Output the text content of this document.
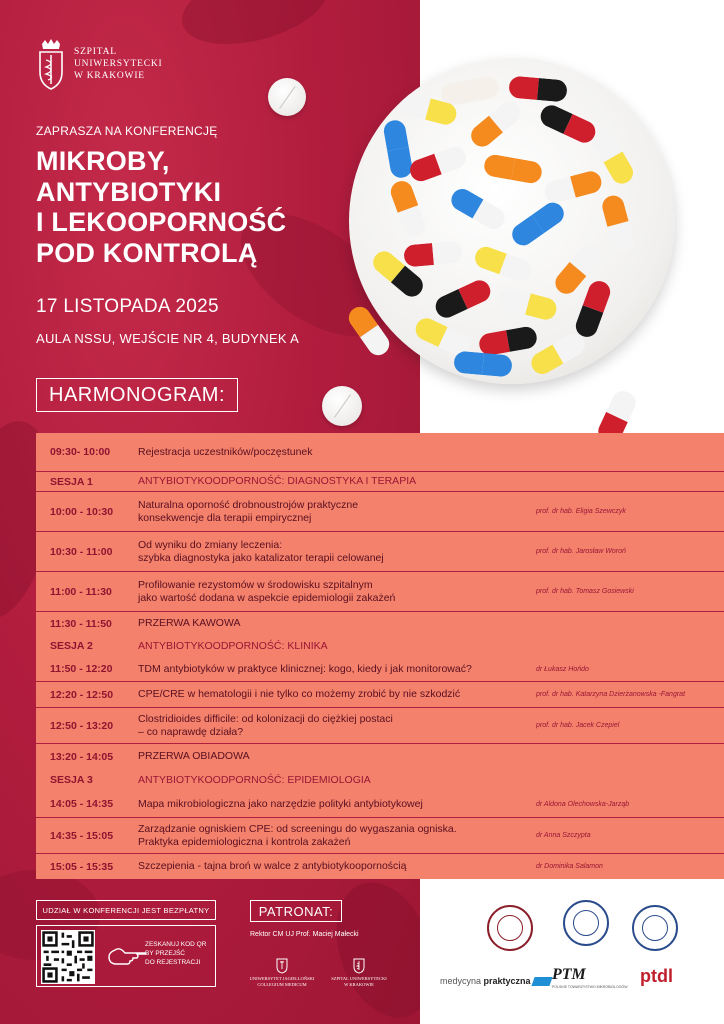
SZPITAL
UNIWERSYTECKI
W KRAKOWIE
ZAPRASZA NA KONFERENCJĘ
MIKROBY,
ANTYBIOTYKI
I LEKOOPORNOŚĆ
POD KONTROLĄ
17 LISTOPADA 2025
AULA NSSU, WEJŚCIE NR 4, BUDYNEK A
HARMONOGRAM:
09:30- 10:00	Rejestracja uczestników/poczęstunek
SESJA 1	ANTYBIOTYKOODPORNOŚĆ: DIAGNOSTYKA I TERAPIA
10:00 - 10:30
Naturalna oporność drobnoustrojów praktyczne
konsekwencje dla terapii empirycznej	prof. dr hab. Eligia Szewczyk
10:30 - 11:00
Od wyniku do zmiany leczenia:
szybka diagnostyka jako katalizator terapii celowanej	prof. dr hab. Jarosław Woroń
11:00 - 11:30
Profilowanie rezystomów w środowisku szpitalnym
jako wartość dodana w aspekcie epidemiologii zakażeń	prof. dr hab. Tomasz Gosiewski
11:30 - 11:50	PRZERWA KAWOWA
SESJA 2	ANTYBIOTYKOODPORNOŚĆ: KLINIKA
11:50 - 12:20	TDM antybiotyków w praktyce klinicznej: kogo, kiedy i jak monitorować?	dr Łukasz Hońdo
12:20 - 12:50	CPE/CRE w hematologii i nie tylko co możemy zrobić by nie szkodzić	prof. dr hab. Katarzyna Dzierżanowska -Fangrat
12:50 - 13:20
Clostridioides difficile: od kolonizacji do ciężkiej postaci
– co naprawdę działa?	prof. dr hab. Jacek Czepiel
13:20 - 14:05	PRZERWA OBIADOWA
SESJA 3	ANTYBIOTYKOODPORNOŚĆ: EPIDEMIOLOGIA
14:05 - 14:35	Mapa mikrobiologiczna jako narzędzie polityki antybiotykowej	dr Aldona Olechowska-Jarząb
14:35 - 15:05
Zarządzanie ogniskiem CPE: od screeningu do wygaszania ogniska.
Praktyka epidemiologiczna i kontrola zakażeń	dr Anna Szczypta
15:05 - 15:35	Szczepienia - tajna broń w walce z antybiotykoopornością	dr Dominika Salamon
UDZIAŁ W KONFERENCJI JEST BEZPŁATNY
ZESKANUJ KOD QR
BY PRZEJŚĆ
DO REJESTRACJI
PATRONAT:
Rektor CM UJ Prof. Maciej Małecki
UNIWERSYTET JAGIELLOŃSKI
COLLEGIUM MEDICUM
SZPITAL UNIWERSYTECKI
W KRAKOWIE	medycyna praktyczna	PTM
POLSKIE TOWARZYSTWO MIKROBIOLOGÓW
ptdl
